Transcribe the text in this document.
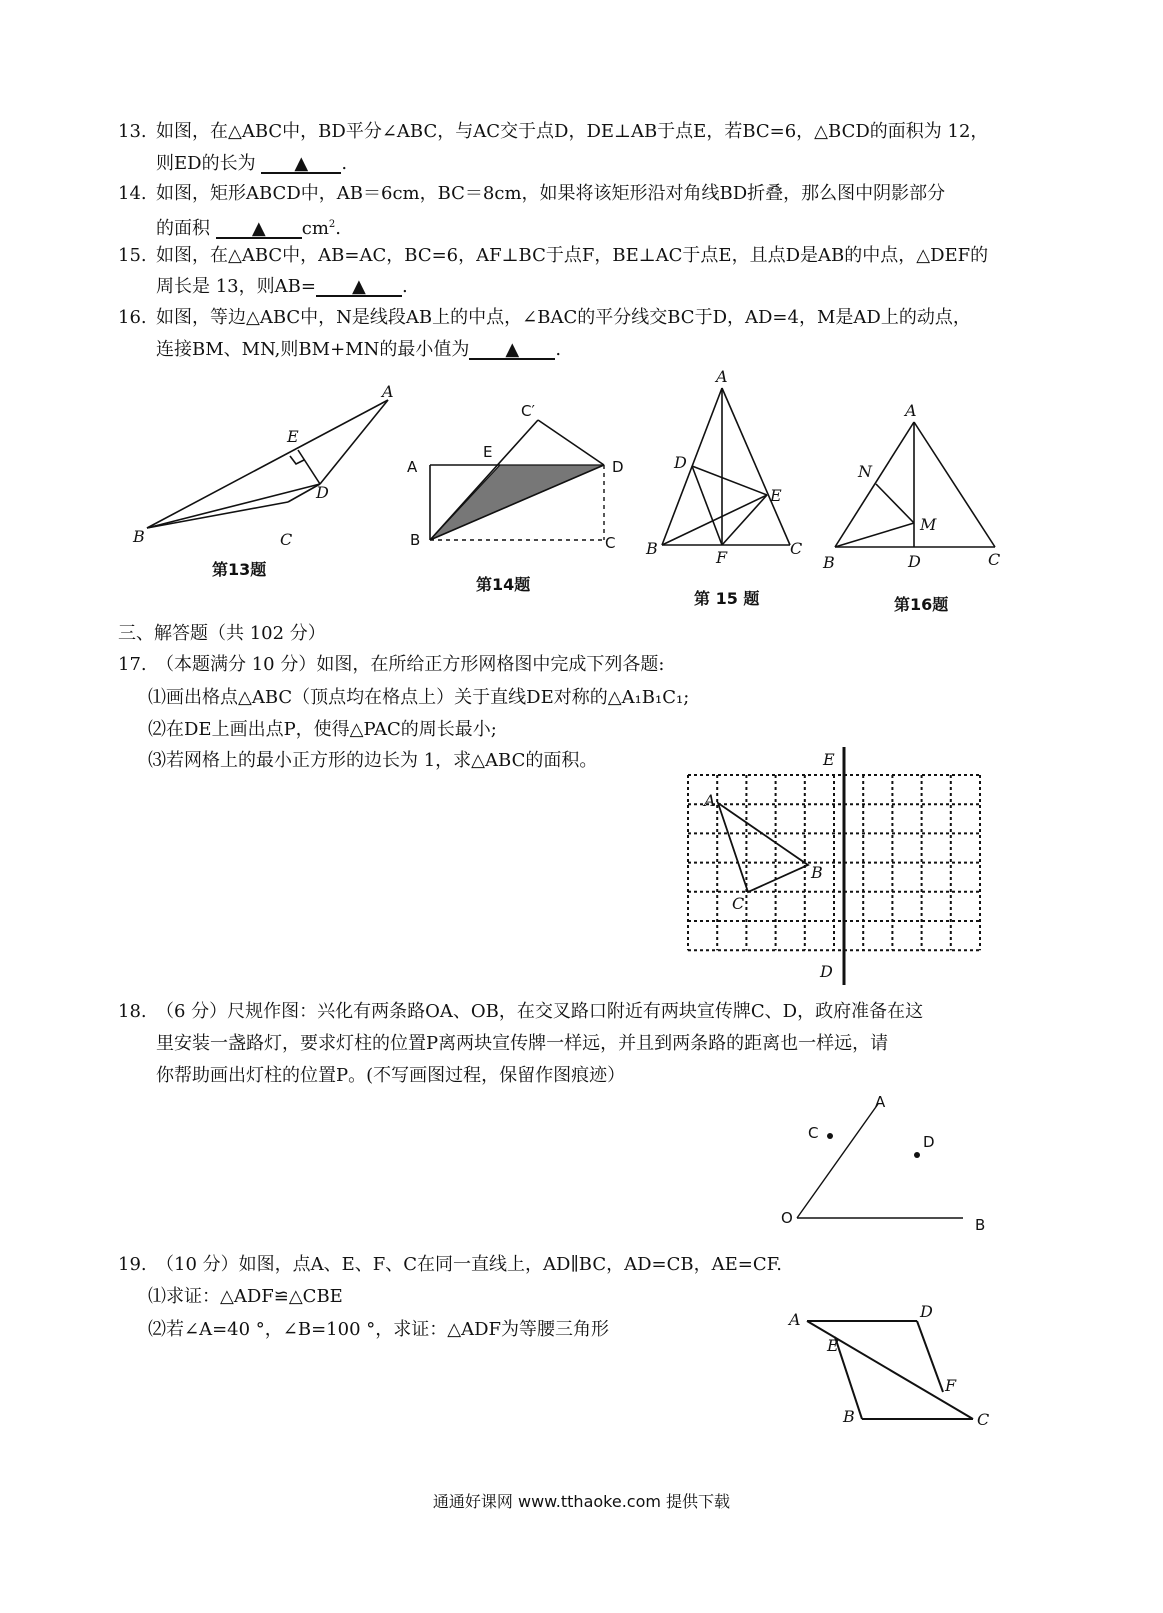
13. 如图，在△ABC中，BD平分∠ABC，与AC交于点D，DE⊥AB于点E，若BC=6，△BCD的面积为 12，
则ED的长为 ▲ .
14. 如图，矩形ABCD中，AB＝6cm，BC＝8cm，如果将该矩形沿对角线BD折叠，那么图中阴影部分
的面积 ▲ $cm^2$.
15. 如图，在△ABC中，AB=AC，BC=6，AF⊥BC于点F，BE⊥AC于点E，且点D是AB的中点，△DEF的
周长是 13，则AB= ▲ .
16. 如图，等边△ABC中，N是线段AB上的中点，∠BAC的平分线交BC于D，AD=4，M是AD上的动点，
连接BM、MN,则BM+MN的最小值为 ▲ .
A
B	C
D
E
第13题
A
B	C
D
E
C′
第14题
A
B	C
D
E
F
第 15 题
A
B	C
D
N
M
第16题
三、解答题（共 102 分）
17. （本题满分 10 分）如图，在所给正方形网格图中完成下列各题:
⑴画出格点△ABC（顶点均在格点上）关于直线DE对称的△A₁B₁C₁;
⑵在DE上画出点P，使得△PAC的周长最小;
⑶若网格上的最小正方形的边长为 1，求△ABC的面积。	E
D
A
B
C
18. （6 分）尺规作图：兴化有两条路OA、OB，在交叉路口附近有两块宣传牌C、D，政府准备在这
里安装一盏路灯，要求灯柱的位置P离两块宣传牌一样远，并且到两条路的距离也一样远，请
你帮助画出灯柱的位置P。(不写画图过程，保留作图痕迹）
A
B
O
C	D
19. （10 分）如图，点A、E、F、C在同一直线上，AD∥BC，AD=CB，AE=CF.
⑴求证：△ADF≌△CBE
⑵若∠A=40 °，∠B=100 °，求证：△ADF为等腰三角形	A	D
E
F
B	C
通通好课网 www.tthaoke.com 提供下载
